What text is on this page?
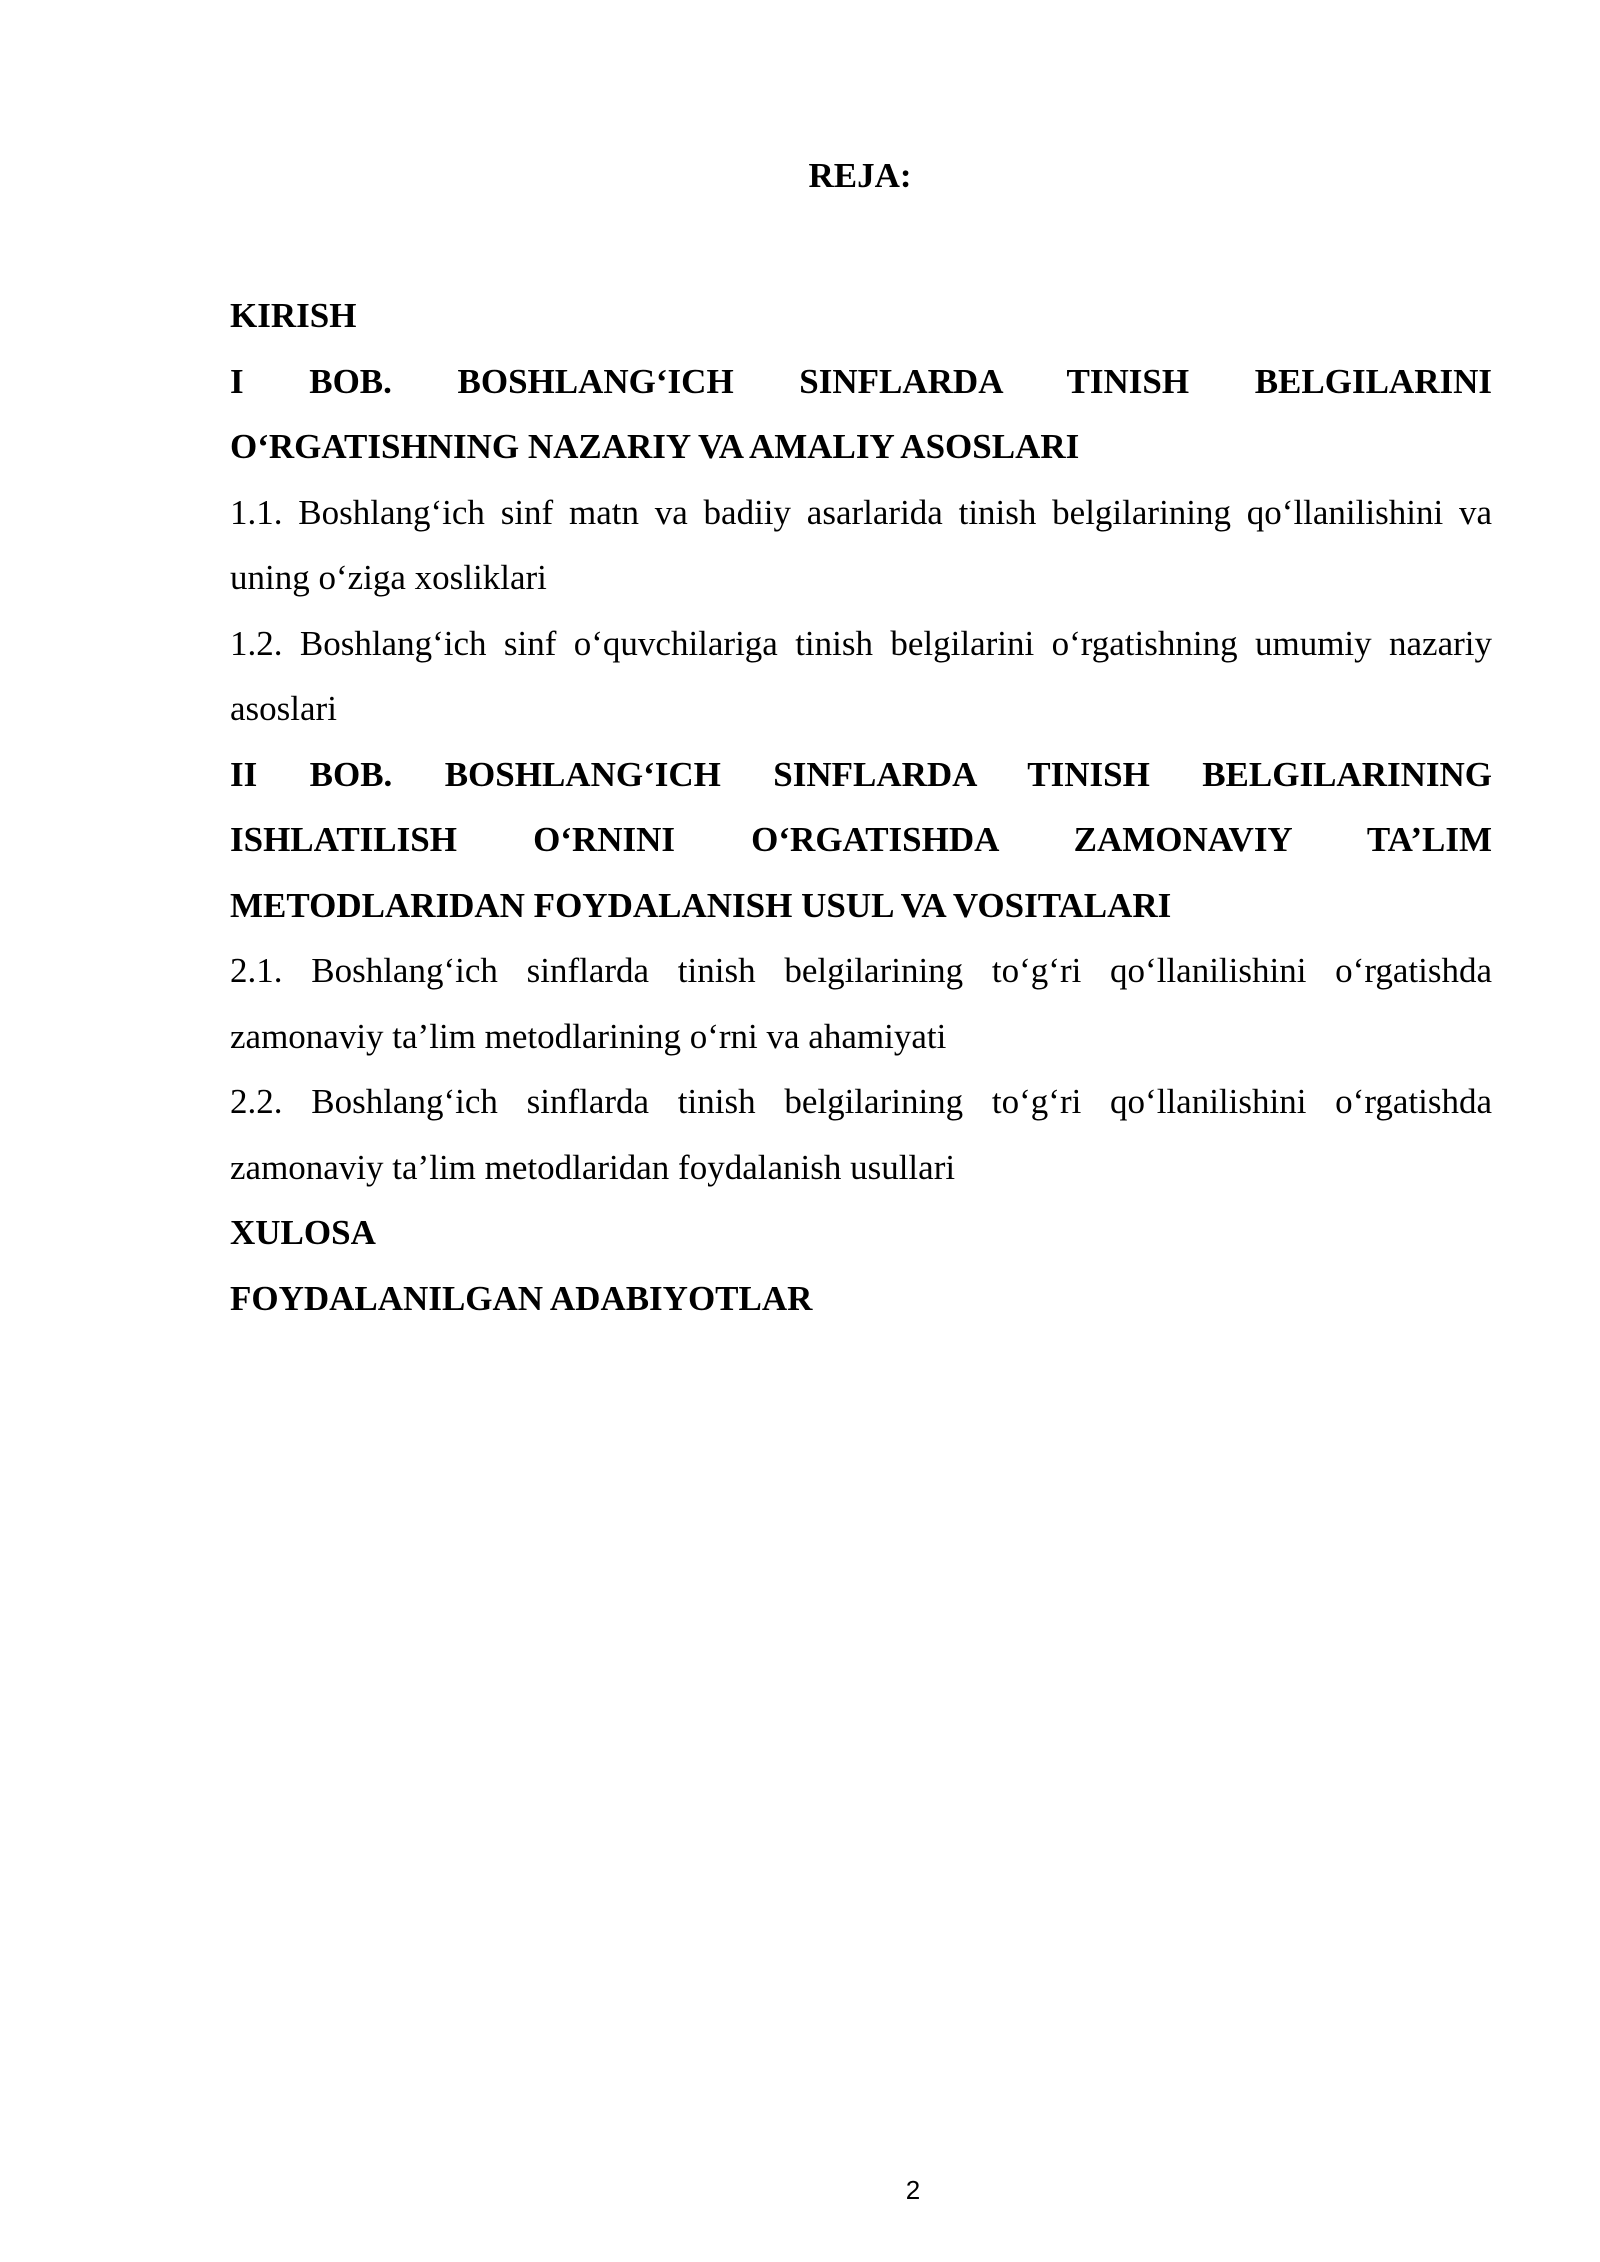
REJA:
KIRISH
I BOB. BOSHLANG‘ICH SINFLARDA TINISH BELGILARINI O‘RGATISHNING NAZARIY VA AMALIY ASOSLARI
1.1. Boshlang‘ich sinf matn va badiiy asarlarida tinish belgilarining qo‘llanilishini va uning o‘ziga xosliklari
1.2. Boshlang‘ich sinf o‘quvchilariga tinish belgilarini o‘rgatishning umumiy nazariy asoslari
II BOB. BOSHLANG‘ICH SINFLARDA TINISH BELGILARINING ISHLATILISH O‘RNINI O‘RGATISHDA ZAMONAVIY TA’LIM METODLARIDAN FOYDALANISH USUL VA VOSITALARI
2.1. Boshlang‘ich sinflarda tinish belgilarining to‘g‘ri qo‘llanilishini o‘rgatishda zamonaviy ta’lim metodlarining o‘rni va ahamiyati
2.2. Boshlang‘ich sinflarda tinish belgilarining to‘g‘ri qo‘llanilishini o‘rgatishda zamonaviy ta’lim metodlaridan foydalanish usullari
XULOSA
FOYDALANILGAN ADABIYOTLAR
2
